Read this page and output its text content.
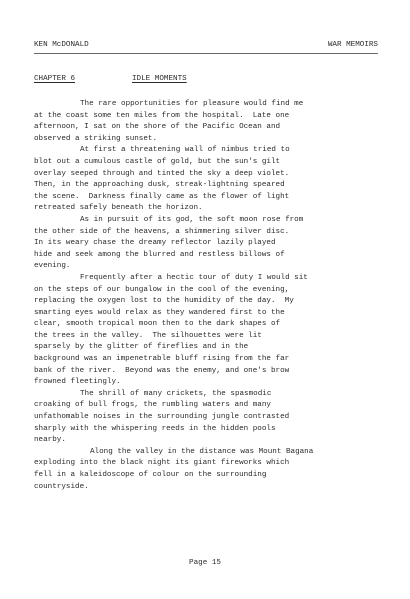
KEN McDONALD	WAR MEMOIRS
CHAPTER 6	IDLE MOMENTS
The rare opportunities for pleasure would find me
at the coast some ten miles from the hospital.  Late one
afternoon, I sat on the shore of the Pacific Ocean and
observed a striking sunset.
At first a threatening wall of nimbus tried to
blot out a cumulous castle of gold, but the sun's gilt
overlay seeped through and tinted the sky a deep violet.
Then, in the approaching dusk, streak-lightning speared
the scene.  Darkness finally came as the flower of light
retreated safely beneath the horizon.
As in pursuit of its god, the soft moon rose from
the other side of the heavens, a shimmering silver disc.
In its weary chase the dreamy reflector lazily played
hide and seek among the blurred and restless billows of
evening.
Frequently after a hectic tour of duty I would sit
on the steps of our bungalow in the cool of the evening,
replacing the oxygen lost to the humidity of the day.  My
smarting eyes would relax as they wandered first to the
clear, smooth tropical moon then to the dark shapes of
the trees in the valley.  The silhouettes were lit
sparsely by the glitter of fireflies and in the
background was an impenetrable bluff rising from the far
bank of the river.  Beyond was the enemy, and one's brow
frowned fleetingly.
The shrill of many crickets, the spasmodic
croaking of bull frogs, the rumbling waters and many
unfathomable noises in the surrounding jungle contrasted
sharply with the whispering reeds in the hidden pools
nearby.
Along the valley in the distance was Mount Bagana
exploding into the black night its giant fireworks which
fell in a kaleidoscope of colour on the surrounding
countryside.
Page 15
